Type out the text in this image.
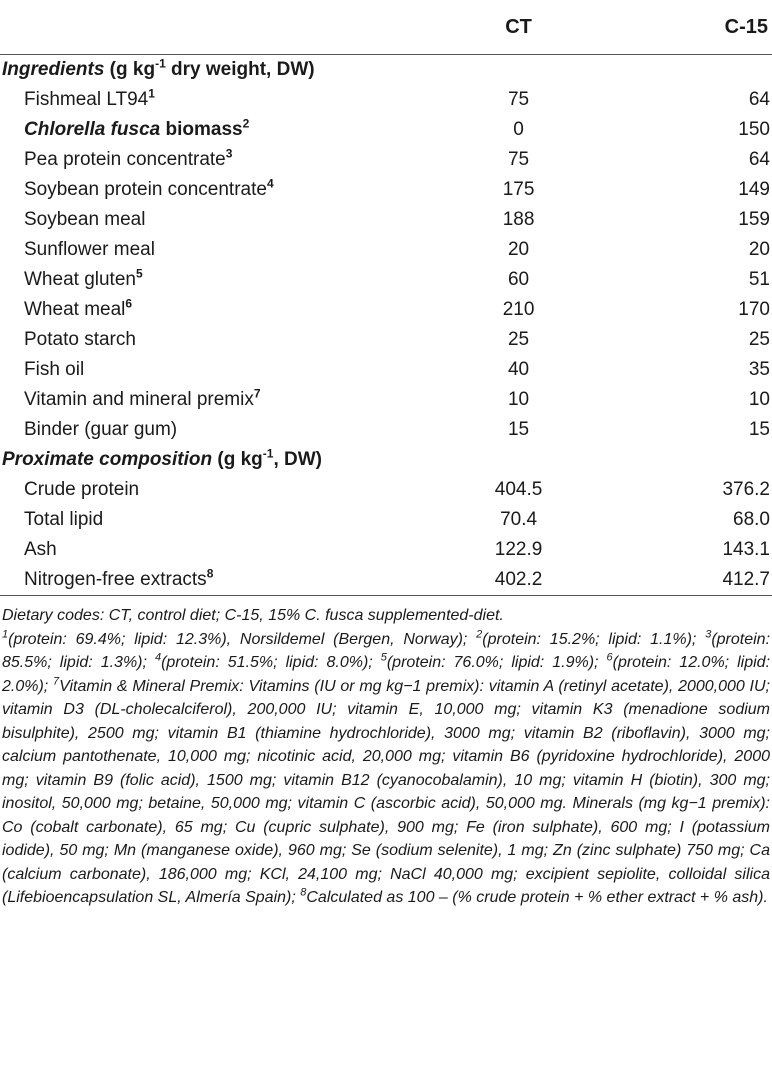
	CT	C-15
Ingredients (g $kg^{-1}$ dry weight, DW)		
Fishmeal $LT94^1$	75	64
Chlorella fusca biomass$^2$	0	150
Pea protein concentrate$^3$	75	64
Soybean protein concentrate$^4$	175	149
Soybean meal	188	159
Sunflower meal	20	20
Wheat gluten$^5$	60	51
Wheat meal$^6$	210	170
Potato starch	25	25
Fish oil	40	35
Vitamin and mineral premix$^7$	10	10
Binder (guar gum)	15	15
Proximate composition (g $kg^{-1}$, DW)		
Crude protein	404.5	376.2
Total lipid	70.4	68.0
Ash	122.9	143.1
Nitrogen-free extracts$^8$	402.2	412.7

Dietary codes: CT, control diet; C-15, 15% C. fusca supplemented-diet.

$^1$(protein: 69.4%; lipid: 12.3%), Norsildemel (Bergen, Norway); $^2$(protein: 15.2%; lipid: 1.1%); $^3$(protein: 85.5%; lipid: 1.3%); $^4$(protein: 51.5%; lipid: 8.0%); $^5$(protein: 76.0%; lipid: 1.9%); $^6$(protein: 12.0%; lipid: 2.0%); $^7$Vitamin & Mineral Premix: Vitamins (IU or mg kg−1 premix): vitamin A (retinyl acetate), 2000,000 IU; vitamin D3 (DL-cholecalciferol), 200,000 IU; vitamin E, 10,000 mg; vitamin K3 (menadione sodium bisulphite), 2500 mg; vitamin B1 (thiamine hydrochloride), 3000 mg; vitamin B2 (riboflavin), 3000 mg; calcium pantothenate, 10,000 mg; nicotinic acid, 20,000 mg; vitamin B6 (pyridoxine hydrochloride), 2000 mg; vitamin B9 (folic acid), 1500 mg; vitamin B12 (cyanocobalamin), 10 mg; vitamin H (biotin), 300 mg; inositol, 50,000 mg; betaine, 50,000 mg; vitamin C (ascorbic acid), 50,000 mg. Minerals (mg kg−1 premix): Co (cobalt carbonate), 65 mg; Cu (cupric sulphate), 900 mg; Fe (iron sulphate), 600 mg; I (potassium iodide), 50 mg; Mn (manganese oxide), 960 mg; Se (sodium selenite), 1 mg; Zn (zinc sulphate) 750 mg; Ca (calcium carbonate), 186,000 mg; KCl, 24,100 mg; NaCl 40,000 mg; excipient sepiolite, colloidal silica (Lifebioencapsulation SL, Almería Spain); $^8$Calculated as 100 – (% crude protein + % ether extract + % ash).
